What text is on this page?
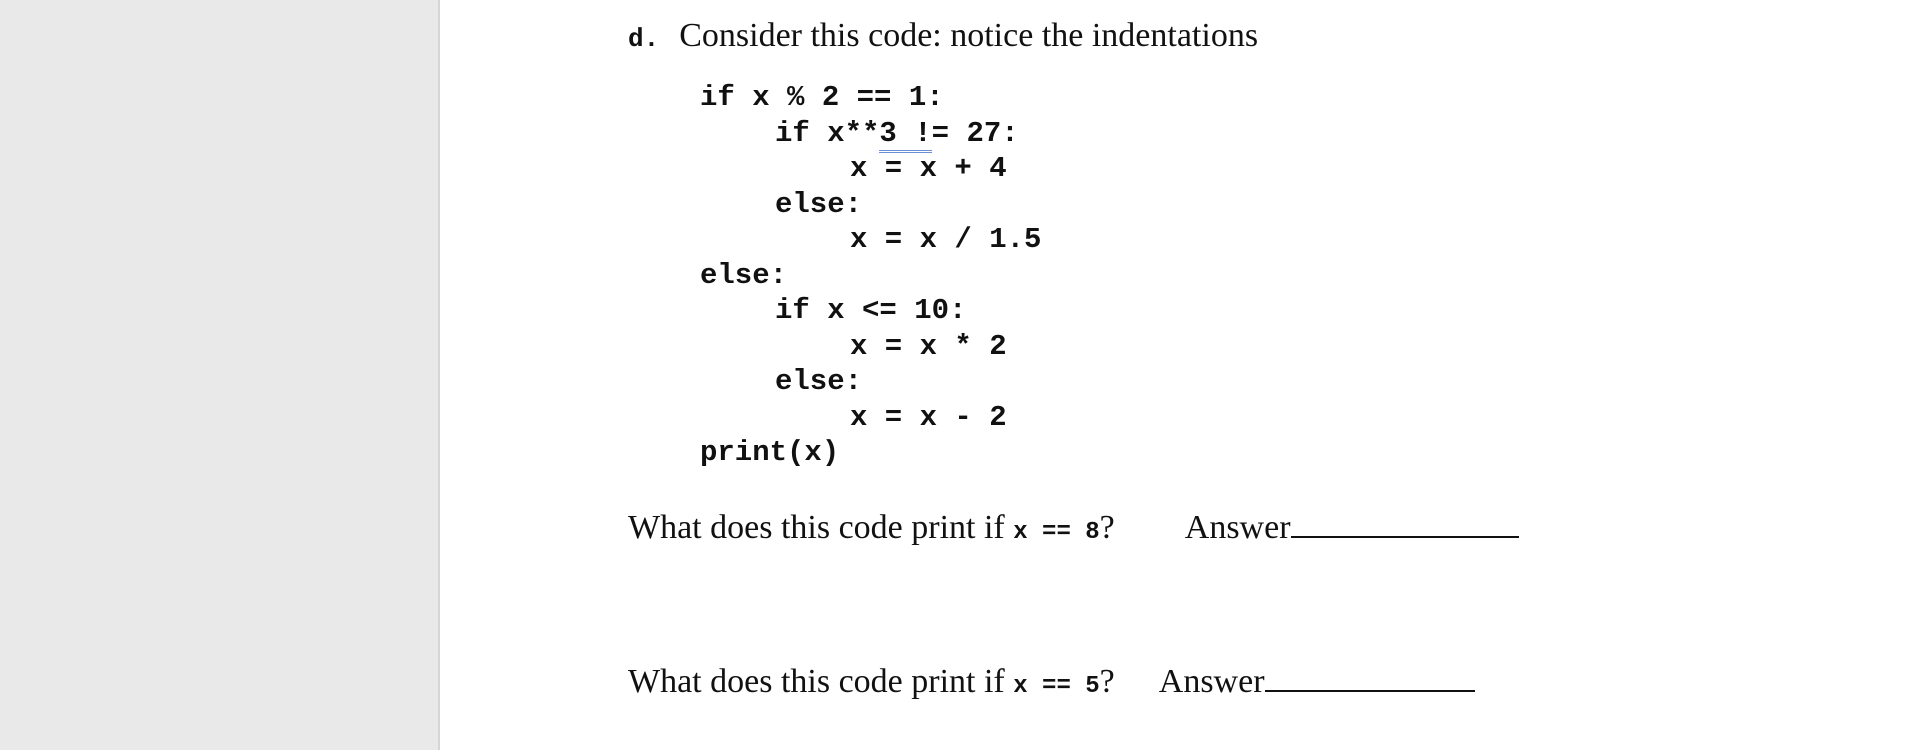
d. Consider this code: notice the indentations
if x % 2 == 1:
if x**3 != 27:
x = x + 4
else:
x = x / 1.5
else:
if x <= 10:
x = x * 2
else:
x = x - 2
print(x)
What does this code print if x == 8? Answer
What does this code print if x == 5? Answer
